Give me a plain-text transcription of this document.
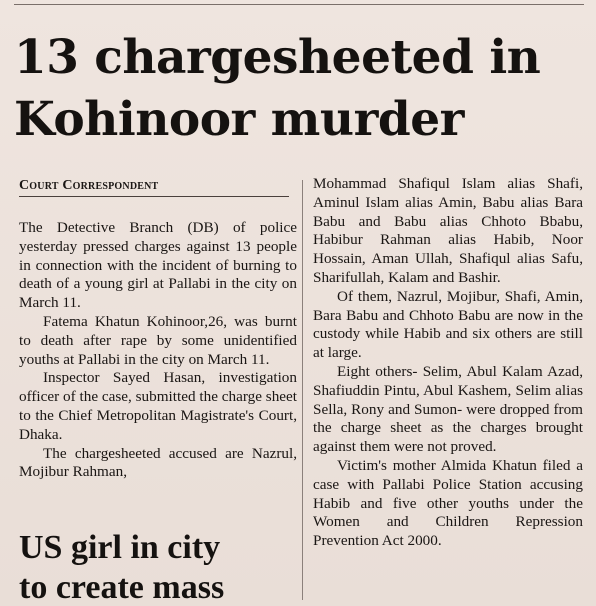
13 chargesheeted in
Kohinoor murder
Court Correspondent

The Detective Branch (DB) of police yesterday pressed charges against 13 people in connection with the incident of burning to death of a young girl at Pallabi in the city on March 11.

Fatema Khatun Kohinoor,26, was burnt to death after rape by some unidentified youths at Pallabi in the city on March 11.

Inspector Sayed Hasan, investigation officer of the case, submitted the charge sheet to the Chief Metropolitan Magistrate's Court, Dhaka.

The chargesheeted accused are Nazrul, Mojibur Rahman,

Mohammad Shafiqul Islam alias Shafi, Aminul Islam alias Amin, Babu alias Bara Babu and Babu alias Chhoto Bbabu, Habibur Rahman alias Habib, Noor Hossain, Aman Ullah, Shafiqul alias Safu, Sharifullah, Kalam and Bashir.

Of them, Nazrul, Mojibur, Shafi, Amin, Bara Babu and Chhoto Babu are now in the custody while Habib and six others are still at large.

Eight others- Selim, Abul Kalam Azad, Shafiuddin Pintu, Abul Kashem, Selim alias Sella, Rony and Sumon- were dropped from the charge sheet as the charges brought against them were not proved.

Victim's mother Almida Khatun filed a case with Pallabi Police Station accusing Habib and five other youths under the Women and Children Repression Prevention Act 2000.

US girl in city
to create mass
